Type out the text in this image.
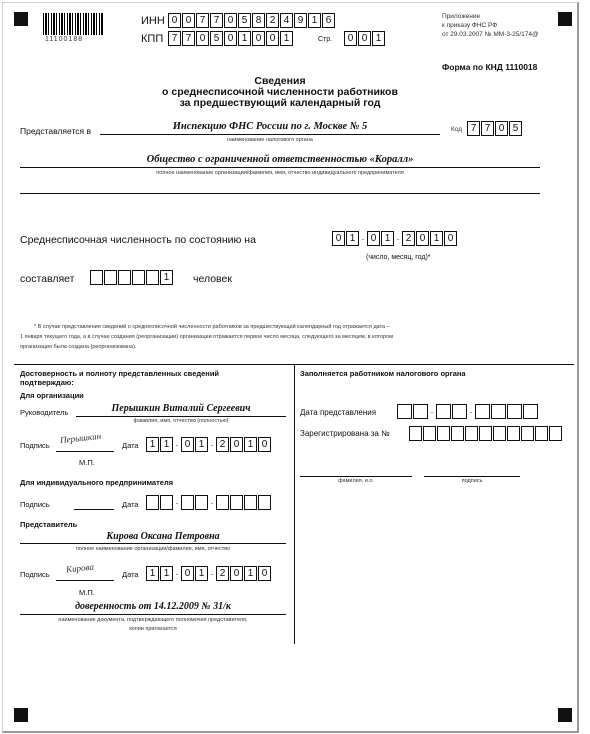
11100188
ИНН 0 0 7 7 0 5 8 2 4 9 1 6
КПП 7 7 0 5 0 1 0 0 1	Стр.	0 0 1
Приложение
к приказу ФНС РФ
от 29.03.2007 № ММ-3-25/174@
Форма по КНД 1110018
Сведения
о среднесписочной численности работников
за предшествующий календарный год
Представляется в	Инспекцию ФНС России по г. Москве № 5
наименование налогового органа
Код 7 7 0 5
Общество с ограниченной ответственностью «Коралл»
полное наименование организации/фамилия, имя, отчество индивидуального предпринимателя
Среднесписочная численность по состоянию на	0 1 . 0 1 . 2 0 1 0
(число, месяц, год)*
составляет	1	человек
* В случае представления сведений о среднесписочной численности работников за предшествующий календарный год отражается дата –
1 января текущего года, а в случае создания (реорганизации) организации отражается первое число месяца, следующего за месяцем, в котором
организация была создана (реорганизована).
Достоверность и полноту представленных сведений
подтверждаю:
Для организации
Руководитель	Перышкин Виталий Сергеевич
фамилия, имя, отчество (полностью)
Подпись
Перышкин
Дата	1 1 . 0 1 . 2 0 1 0
М.П.
Для индивидуального предпринимателя
Подпись	Дата	.	.
Представитель
Кирова Оксана Петровна
полное наименование организации/фамилия, имя, отчество
Подпись
Кирова
Дата	1 1 . 0 1 . 2 0 1 0
М.П.
доверенность от 14.12.2009 № 31/к
наименование документа, подтверждающего полномочия представителя,
копии прилагается
Заполняется работником налогового органа
Дата представления	.	.
Зарегистрирована за №
фамилия, и.о.	подпись
